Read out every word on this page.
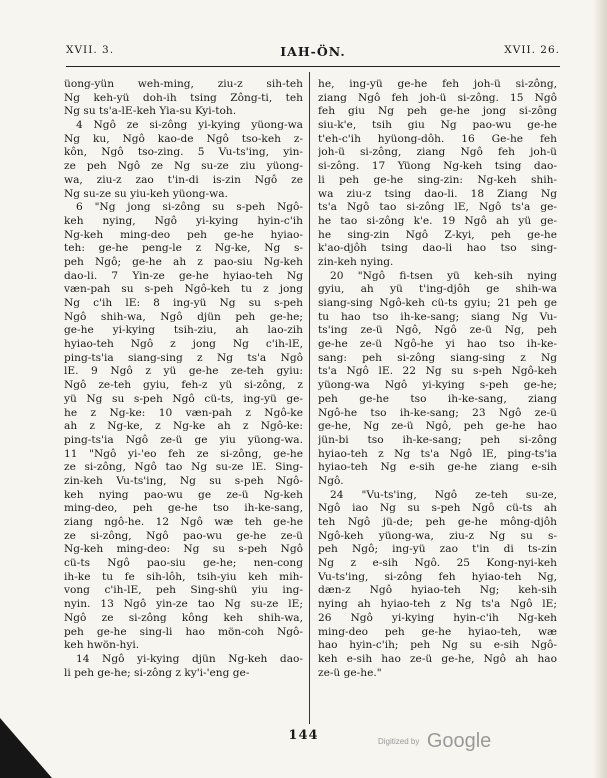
XVII. 3.	IAH-ÖN.	XVII. 26.
üong-yün weh-ming, ziu-z sih-teh
Ng keh-yü doh-ih tsing Zông-ti, teh
Ng su ts'a-lE-keh Yia-su Kyi-toh.
4 Ngô ze si-zông yi-kying yüong-wa
Ng ku, Ngô kao-de Ngô tso-keh z-
kôn, Ngô tso-zing. 5 Vu-ts'ing, yin-
ze peh Ngô ze Ng su-ze ziu yüong-
wa, ziu-z zao t'in-di is-zin Ngô ze
Ng su-ze su yiu-keh yüong-wa.
6 "Ng jong si-zông su s-peh Ngô-
keh nying, Ngô yi-kying hyin-c'ih
Ng-keh ming-deo peh ge-he hyiao-
teh: ge-he peng-le z Ng-ke, Ng s-
peh Ngô; ge-he ah z pao-siu Ng-keh
dao-li. 7 Yin-ze ge-he hyiao-teh Ng
væn-pah su s-peh Ngô-keh tu z jong
Ng c'ih lE: 8 ing-yü Ng su s-peh
Ngô shih-wa, Ngô djün peh ge-he;
ge-he yi-kying tsih-ziu, ah lao-zih
hyiao-teh Ngô z jong Ng c'ih-lE,
ping-ts'ia siang-sing z Ng ts'a Ngô
lE. 9 Ngô z yü ge-he ze-teh gyiu:
Ngô ze-teh gyiu, feh-z yü si-zông, z
yü Ng su s-peh Ngô cü-ts, ing-yü ge-
he z Ng-ke: 10 væn-pah z Ngô-ke
ah z Ng-ke, z Ng-ke ah z Ngô-ke:
ping-ts'ia Ngô ze-ü ge yiu yüong-wa.
11 "Ngô yi-'eo feh ze si-zông, ge-he
ze si-zông, Ngô tao Ng su-ze lE. Sing-
zin-keh Vu-ts'ing, Ng su s-peh Ngô-
keh nying pao-wu ge ze-ü Ng-keh
ming-deo, peh ge-he tso ih-ke-sang,
ziang ngô-he. 12 Ngô wæ teh ge-he
ze si-zông, Ngô pao-wu ge-he ze-ü
Ng-keh ming-deo: Ng su s-peh Ngô
cü-ts Ngô pao-siu ge-he; nen-cong
ih-ke tu fe sih-lôh, tsih-yiu keh mih-
vong c'ih-lE, peh Sing-shü yiu ing-
nyin. 13 Ngô yin-ze tao Ng su-ze lE;
Ngô ze si-zông kông keh shih-wa,
peh ge-he sing-li hao mön-coh Ngô-
keh hwön-hyi.
14 Ngô yi-kying djün Ng-keh dao-
li peh ge-he; si-zông z ky'i-'eng ge-
he, ing-yü ge-he feh joh-ü si-zông,
ziang Ngô feh joh-ü si-zông. 15 Ngô
feh giu Ng peh ge-he jong si-zông
siu-k'e, tsih giu Ng pao-wu ge-he
t'eh-c'ih hyüong-dôh. 16 Ge-he feh
joh-ü si-zông, ziang Ngô feh joh-ü
si-zông. 17 Yüong Ng-keh tsing dao-
li peh ge-he sing-zin: Ng-keh shih-
wa ziu-z tsing dao-li. 18 Ziang Ng
ts'a Ngô tao si-zông lE, Ngô ts'a ge-
he tao si-zông k'e. 19 Ngô ah yü ge-
he sing-zin Ngô Z-kyi, peh ge-he
k'ao-djôh tsing dao-li hao tso sing-
zin-keh nying.
20 "Ngô fi-tsen yü keh-sih nying
gyiu, ah yü t'ing-djôh ge shih-wa
siang-sing Ngô-keh cü-ts gyiu; 21 peh ge
tu hao tso ih-ke-sang; siang Ng Vu-
ts'ing ze-ü Ngô, Ngô ze-ü Ng, peh
ge-he ze-ü Ngô-he yi hao tso ih-ke-
sang: peh si-zông siang-sing z Ng
ts'a Ngô lE. 22 Ng su s-peh Ngô-keh
yüong-wa Ngô yi-kying s-peh ge-he;
peh ge-he tso ih-ke-sang, ziang
Ngô-he tso ih-ke-sang; 23 Ngô ze-ü
ge-he, Ng ze-ü Ngô, peh ge-he hao
jün-bi tso ih-ke-sang; peh si-zông
hyiao-teh z Ng ts'a Ngô lE, ping-ts'ia
hyiao-teh Ng e-sih ge-he ziang e-sih
Ngô.
24 "Vu-ts'ing, Ngô ze-teh su-ze,
Ngô iao Ng su s-peh Ngô cü-ts ah
teh Ngô jü-de; peh ge-he mông-djôh
Ngô-keh yüong-wa, ziu-z Ng su s-
peh Ngô; ing-yü zao t'in di ts-zin
Ng z e-sih Ngô. 25 Kong-nyi-keh
Vu-ts'ing, si-zông feh hyiao-teh Ng,
dæn-z Ngô hyiao-teh Ng; keh-sih
nying ah hyiao-teh z Ng ts'a Ngô lE;
26 Ngô yi-kying hyin-c'ih Ng-keh
ming-deo peh ge-he hyiao-teh, wæ
hao hyin-c'ih; peh Ng su e-sih Ngô-
keh e-sih hao ze-ü ge-he, Ngô ah hao
ze-ü ge-he."
144	Digitized by Google
